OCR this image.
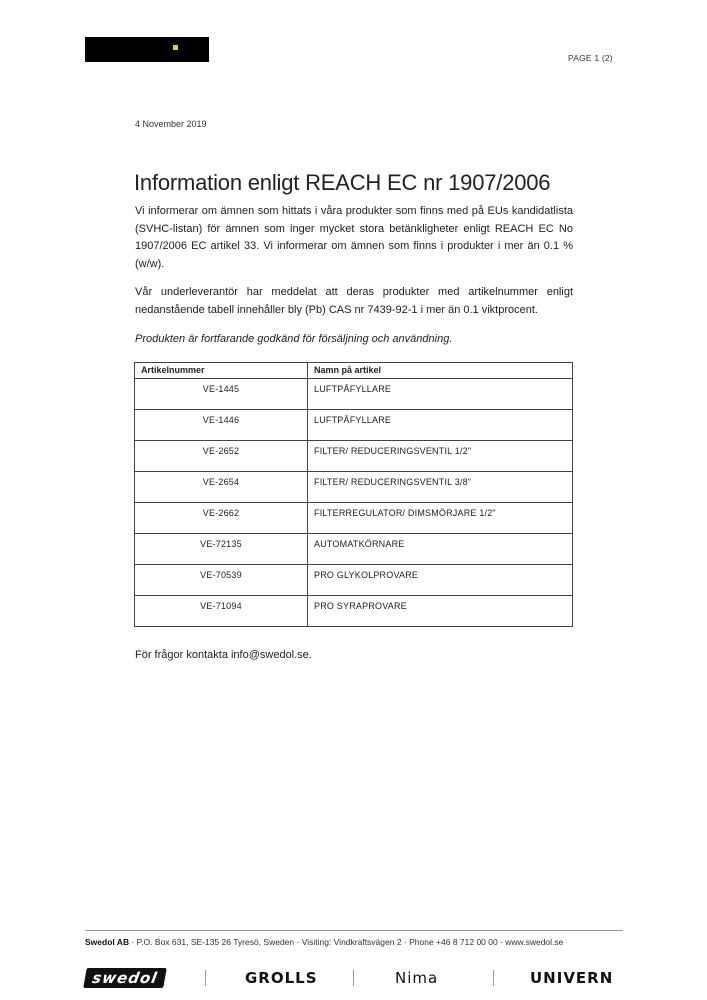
PAGE 1 (2)
4 November 2019
Information enligt REACH EC nr 1907/2006

Vi informerar om ämnen som hittats i våra produkter som finns med på EUs kandidatlista (SVHC-listan) för ämnen som inger mycket stora betänkligheter enligt REACH EC No 1907/2006 EC artikel 33. Vi informerar om ämnen som finns i produkter i mer än 0.1 % (w/w).

Vår underleverantör har meddelat att deras produkter med artikelnummer enligt nedanstående tabell innehåller bly (Pb) CAS nr 7439-92-1 i mer än 0.1 viktprocent.

Produkten är fortfarande godkänd för försäljning och användning.

Artikelnummer	Namn på artikel
VE-1445	LUFTPÅFYLLARE
VE-1446	LUFTPÅFYLLARE
VE-2652	FILTER/ REDUCERINGSVENTIL 1/2"
VE-2654	FILTER/ REDUCERINGSVENTIL 3/8"
VE-2662	FILTERREGULATOR/ DIMSMÖRJARE 1/2"
VE-72135	AUTOMATKÖRNARE
VE-70539	PRO GLYKOLPROVARE
VE-71094	PRO SYRAPROVARE
För frågor kontakta info@swedol.se.
Swedol AB · P.O. Box 631, SE-135 26 Tyresö, Sweden · Visiting: Vindkraftsvägen 2 · Phone +46 8 712 00 00 · www.swedol.se
swedol	GROLLS	Nima	UNIVERN
